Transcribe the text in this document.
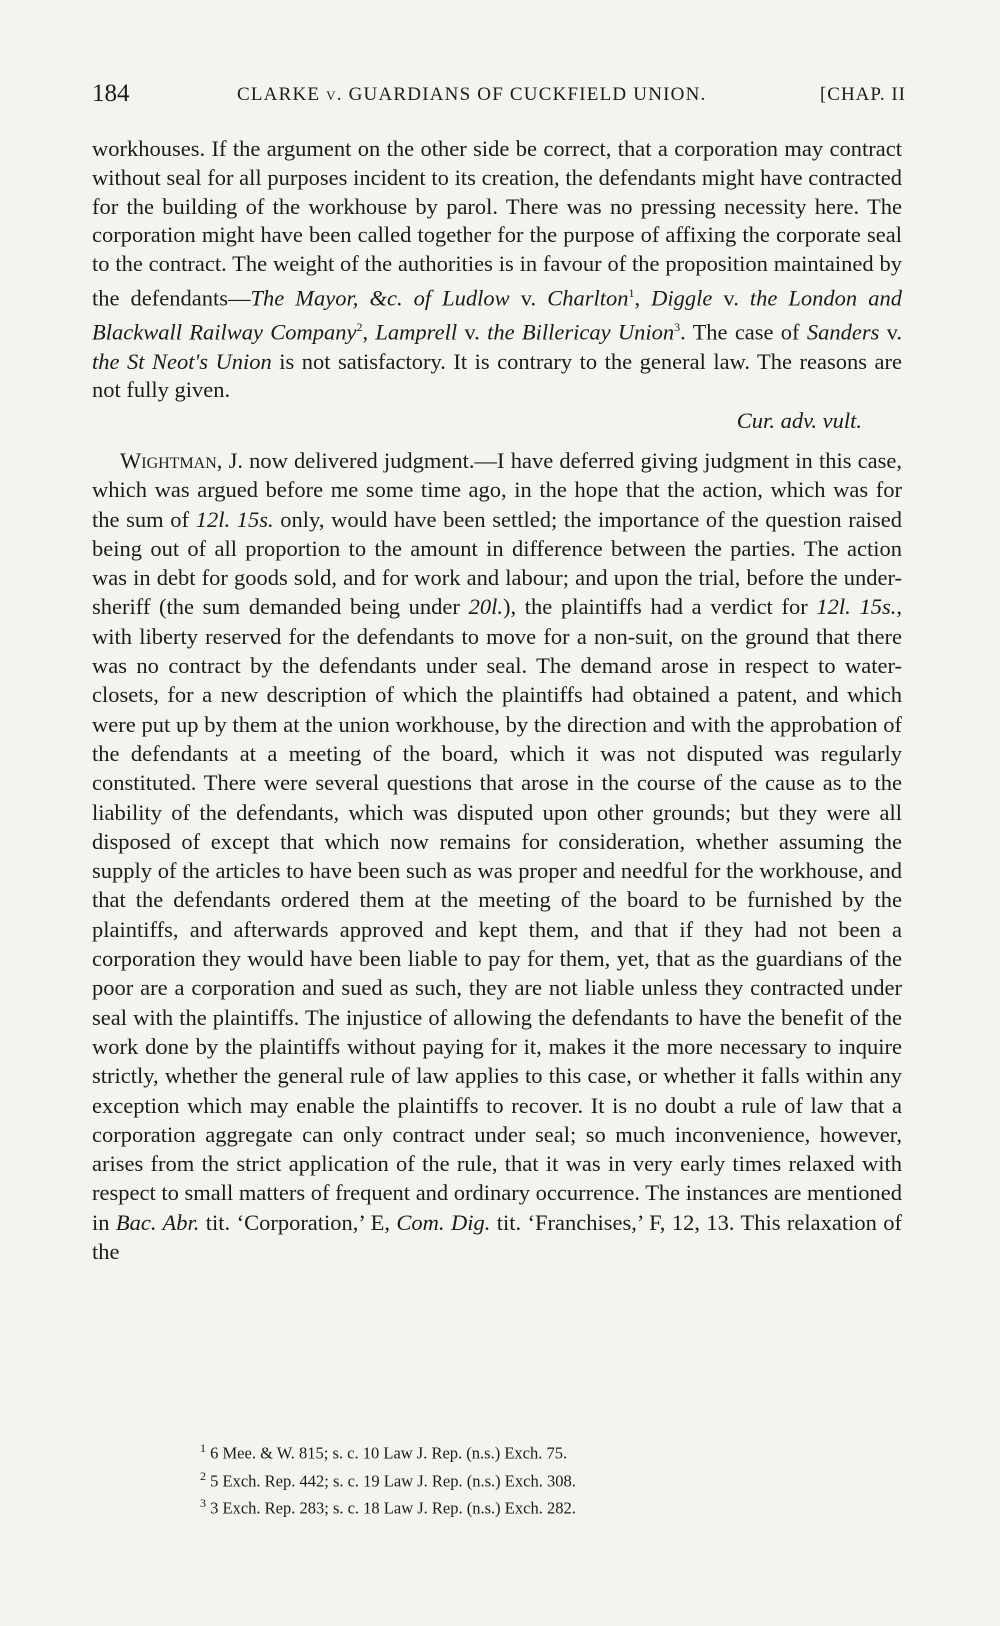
184	CLARKE v. GUARDIANS OF CUCKFIELD UNION.	[CHAP. II

workhouses. If the argument on the other side be correct, that a corporation may contract without seal for all purposes incident to its creation, the defendants might have contracted for the building of the workhouse by parol. There was no pressing necessity here. The corporation might have been called together for the purpose of affixing the corporate seal to the contract. The weight of the authorities is in favour of the proposition maintained by the defendants—The Mayor, &c. of Ludlow v. Charlton$^1$, Diggle v. the London and Blackwall Railway Company$^2$, Lamprell v. the Billericay Union$^3$. The case of Sanders v. the St Neot's Union is not satisfactory. It is contrary to the general law. The reasons are not fully given.

Cur. adv. vult.

Wightman, J. now delivered judgment.—I have deferred giving judgment in this case, which was argued before me some time ago, in the hope that the action, which was for the sum of 12l. 15s. only, would have been settled; the importance of the question raised being out of all proportion to the amount in difference between the parties. The action was in debt for goods sold, and for work and labour; and upon the trial, before the under-sheriff (the sum demanded being under 20l.), the plaintiffs had a verdict for 12l. 15s., with liberty reserved for the defendants to move for a non-suit, on the ground that there was no contract by the defendants under seal. The demand arose in respect to water-closets, for a new description of which the plaintiffs had obtained a patent, and which were put up by them at the union workhouse, by the direction and with the approbation of the defendants at a meeting of the board, which it was not disputed was regularly constituted. There were several questions that arose in the course of the cause as to the liability of the defendants, which was disputed upon other grounds; but they were all disposed of except that which now remains for consideration, whether assuming the supply of the articles to have been such as was proper and needful for the workhouse, and that the defendants ordered them at the meeting of the board to be furnished by the plaintiffs, and afterwards approved and kept them, and that if they had not been a corporation they would have been liable to pay for them, yet, that as the guardians of the poor are a corporation and sued as such, they are not liable unless they contracted under seal with the plaintiffs. The injustice of allowing the defendants to have the benefit of the work done by the plaintiffs without paying for it, makes it the more necessary to inquire strictly, whether the general rule of law applies to this case, or whether it falls within any exception which may enable the plaintiffs to recover. It is no doubt a rule of law that a corporation aggregate can only contract under seal; so much inconvenience, however, arises from the strict application of the rule, that it was in very early times relaxed with respect to small matters of frequent and ordinary occurrence. The instances are mentioned in Bac. Abr. tit. ‘Corporation,’ E, Com. Dig. tit. ‘Franchises,’ F, 12, 13. This relaxation of the

$^1$ 6 Mee. & W. 815; s. c. 10 Law J. Rep. (n.s.) Exch. 75.
$^2$ 5 Exch. Rep. 442; s. c. 19 Law J. Rep. (n.s.) Exch. 308.
$^3$ 3 Exch. Rep. 283; s. c. 18 Law J. Rep. (n.s.) Exch. 282.
